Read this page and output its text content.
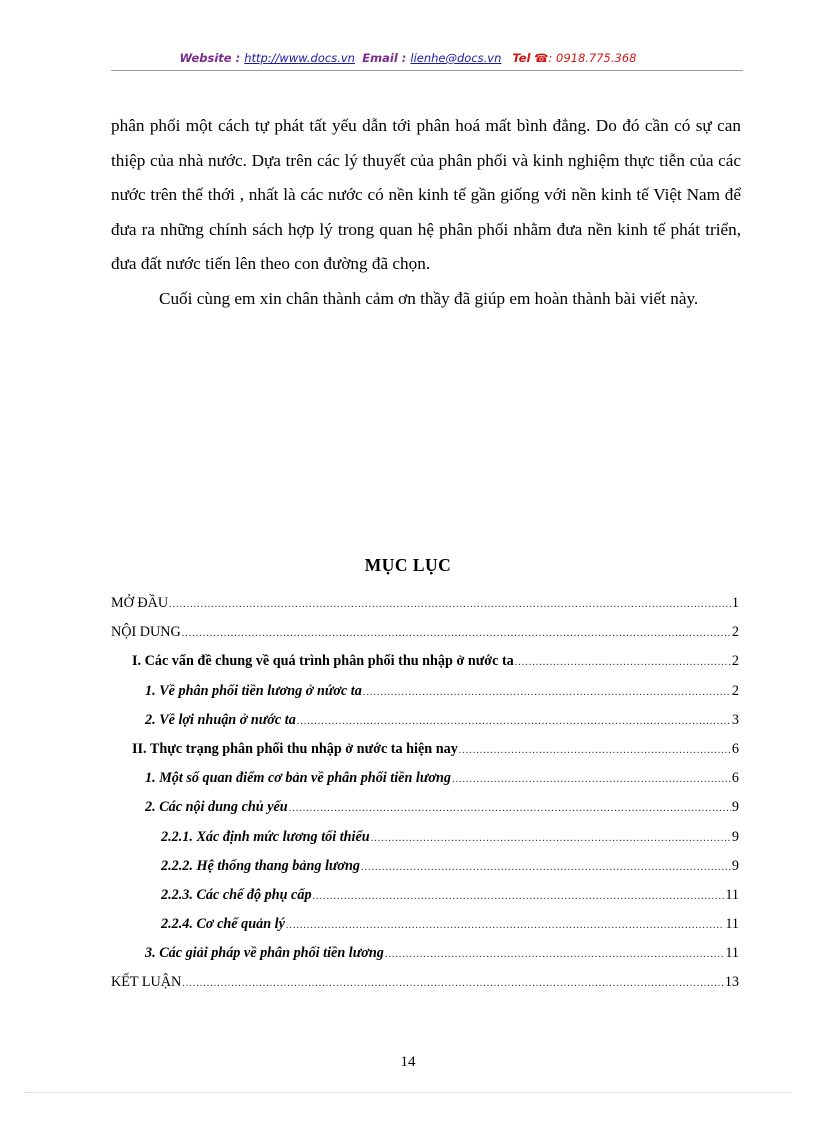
Website : http://www.docs.vn Email : lienhe@docs.vn Tel ☎: 0918.775.368

phân phối một cách tự phát tất yếu dẫn tới phân hoá mất bình đẳng. Do đó cần có sự can thiệp của nhà nước. Dựa trên các lý thuyết của phân phối và kinh nghiệm thực tiễn của các nước trên thế thới , nhất là các nước có nền kinh tế gần giống với nền kinh tế Việt Nam để đưa ra những chính sách hợp lý trong quan hệ phân phối nhằm đưa nền kinh tế phát triển, đưa đất nước tiến lên theo con đường đã chọn.

Cuối cùng em xin chân thành cảm ơn thầy đã giúp em hoàn thành bài viết này.

MỤC LỤC
MỞ ĐẦU .....	1
NỘI DUNG .....	2
I. Các vấn đề chung về quá trình phân phối thu nhập ở nước ta .....	2
1. Về phân phối tiền lương ở nứơc ta .....	2
2. Về lợi nhuận ở nước ta .....	3
II. Thực trạng phân phối thu nhập ở nước ta hiện nay .....	6
1. Một số quan điểm cơ bản về phân phối tiền lương .....	6
2. Các nội dung chủ yếu .....	9
2.2.1. Xác định mức lương tối thiểu .....	9
2.2.2. Hệ thống thang bảng lương .....	9
2.2.3. Các chế độ phụ cấp .....	11
2.2.4. Cơ chế quản lý .....	11
3. Các giải pháp về phân phối tiền lương .....	11
KẾT LUẬN .....	13
14
